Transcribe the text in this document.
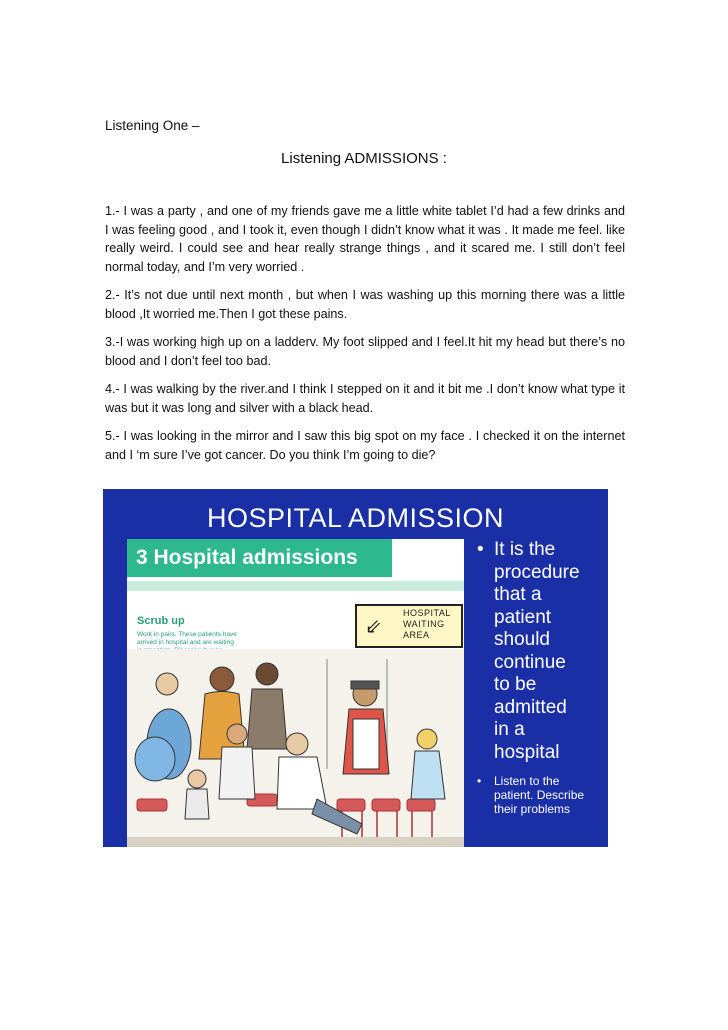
Listening One –
Listening ADMISSIONS :

1.- I was a party , and one of my friends gave me a little white tablet I’d had a few drinks and I was feeling good , and I took it, even though I didn’t know what it was . It made me feel. like really weird. I could see and hear really strange things , and it scared me. I still don’t feel normal today, and I’m very worried .

2.- It’s not due until next month , but when I was washing up this morning there was a little blood ,It worried me.Then I got these pains.

3.-I was working high up on a ladderv. My foot slipped and I feel.It hit my head but there’s no blood and I don’t feel too bad.

4.- I was walking by the river.and I think I stepped on it and it bit me .I don’t know what type it was but it was long and silver with a black head.

5.- I was looking in the mirror and I saw this big spot on my face . I checked it on the internet and I ‘m sure I’ve got cancer. Do you think I’m going to die?

HOSPITAL ADMISSION
3 Hospital admissions
Scrub up
Work in pairs. These patients have arrived in hospital and are waiting
⇙
HOSPITAL
WAITING
AREA
• It is the
procedure
that a
patient
should
continue
to be
admitted
in a
hospital
• Listen to the
patient. Describe
their problems
